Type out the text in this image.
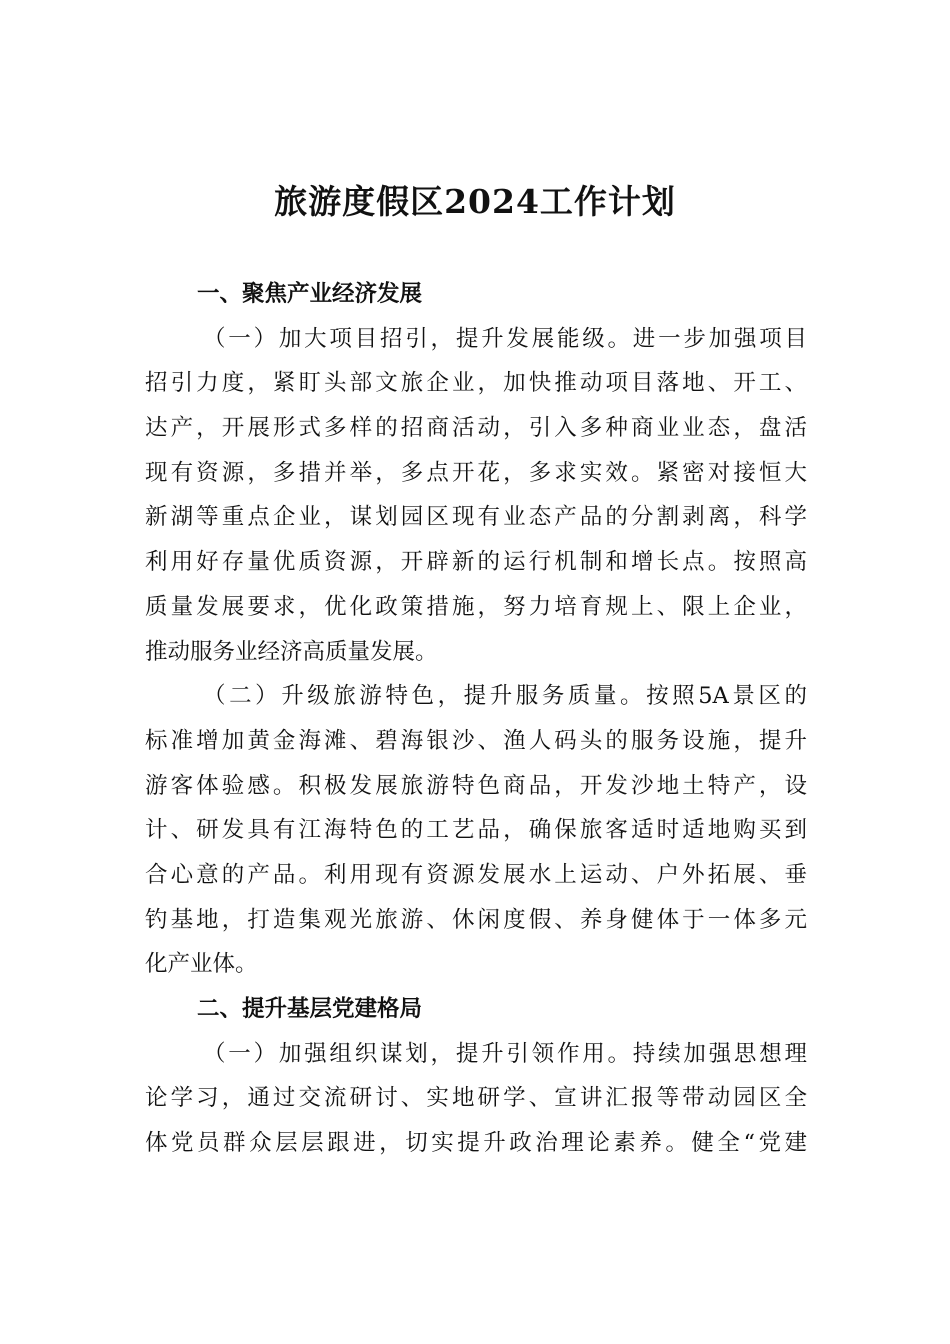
旅游度假区2024工作计划
一、聚焦产业经济发展
（一）加大项目招引，提升发展能级。进一步加强项目
招引力度，紧盯头部文旅企业，加快推动项目落地、开工、
达产，开展形式多样的招商活动，引入多种商业业态，盘活
现有资源，多措并举，多点开花，多求实效。紧密对接恒大
新湖等重点企业，谋划园区现有业态产品的分割剥离，科学
利用好存量优质资源，开辟新的运行机制和增长点。按照高
质量发展要求，优化政策措施，努力培育规上、限上企业，
推动服务业经济高质量发展。
（二）升级旅游特色，提升服务质量。按照5A景区的
标准增加黄金海滩、碧海银沙、渔人码头的服务设施，提升
游客体验感。积极发展旅游特色商品，开发沙地土特产，设
计、研发具有江海特色的工艺品，确保旅客适时适地购买到
合心意的产品。利用现有资源发展水上运动、户外拓展、垂
钓基地，打造集观光旅游、休闲度假、养身健体于一体多元
化产业体。
二、提升基层党建格局
（一）加强组织谋划，提升引领作用。持续加强思想理
论学习，通过交流研讨、实地研学、宣讲汇报等带动园区全
体党员群众层层跟进，切实提升政治理论素养。健全“党建
